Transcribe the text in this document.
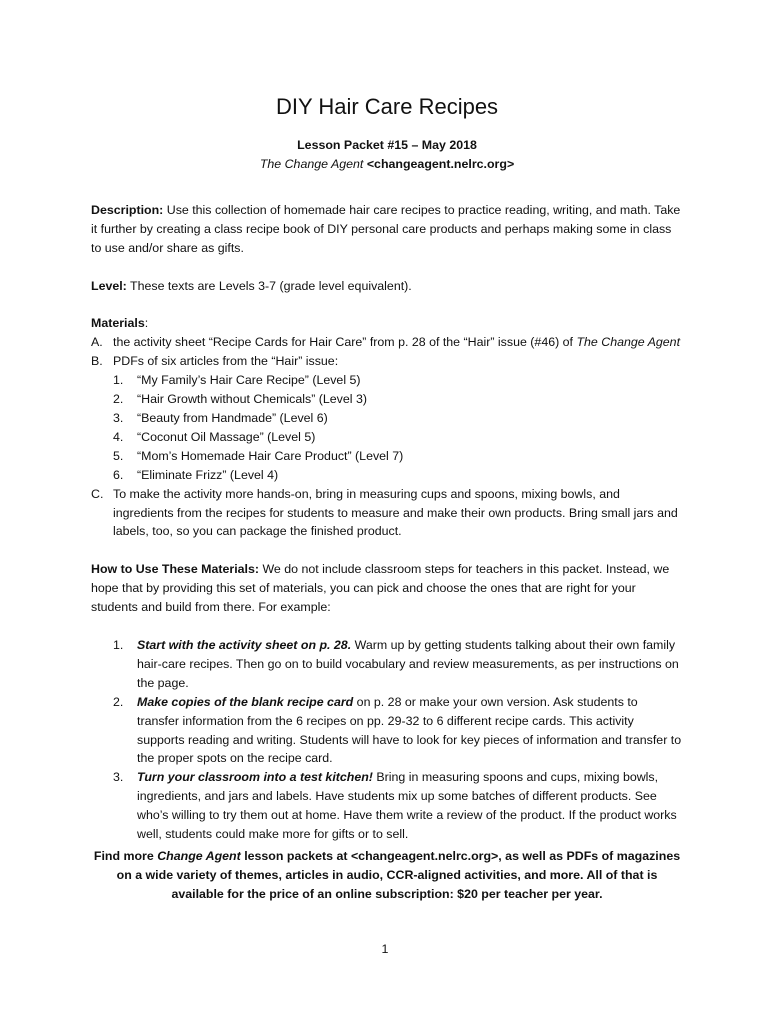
DIY Hair Care Recipes
Lesson Packet #15 – May 2018
The Change Agent <changeagent.nelrc.org>

Description: Use this collection of homemade hair care recipes to practice reading, writing, and math. Take it further by creating a class recipe book of DIY personal care products and perhaps making some in class to use and/or share as gifts.

Level: These texts are Levels 3-7 (grade level equivalent).

Materials:

A. the activity sheet “Recipe Cards for Hair Care” from p. 28 of the “Hair” issue (#46) of The Change Agent
B. PDFs of six articles from the “Hair” issue:
1.	“My Family’s Hair Care Recipe” (Level 5)
2.	“Hair Growth without Chemicals” (Level 3)
3.	“Beauty from Handmade” (Level 6)
4.	“Coconut Oil Massage” (Level 5)
5.	“Mom’s Homemade Hair Care Product” (Level 7)
6.	“Eliminate Frizz” (Level 4)
C. To make the activity more hands-on, bring in measuring cups and spoons, mixing bowls, and ingredients from the recipes for students to measure and make their own products. Bring small jars and labels, too, so you can package the finished product.

How to Use These Materials: We do not include classroom steps for teachers in this packet. Instead, we hope that by providing this set of materials, you can pick and choose the ones that are right for your students and build from there. For example:

1.	Start with the activity sheet on p. 28. Warm up by getting students talking about their own family hair-care recipes. Then go on to build vocabulary and review measurements, as per instructions on the page.
2.	Make copies of the blank recipe card on p. 28 or make your own version. Ask students to transfer information from the 6 recipes on pp. 29-32 to 6 different recipe cards. This activity supports reading and writing. Students will have to look for key pieces of information and transfer to the proper spots on the recipe card.
3.	Turn your classroom into a test kitchen! Bring in measuring spoons and cups, mixing bowls, ingredients, and jars and labels. Have students mix up some batches of different products. See who’s willing to try them out at home. Have them write a review of the product. If the product works well, students could make more for gifts or to sell.

Find more Change Agent lesson packets at <changeagent.nelrc.org>, as well as PDFs of magazines on a wide variety of themes, articles in audio, CCR-aligned activities, and more. All of that is available for the price of an online subscription: $20 per teacher per year.

1
